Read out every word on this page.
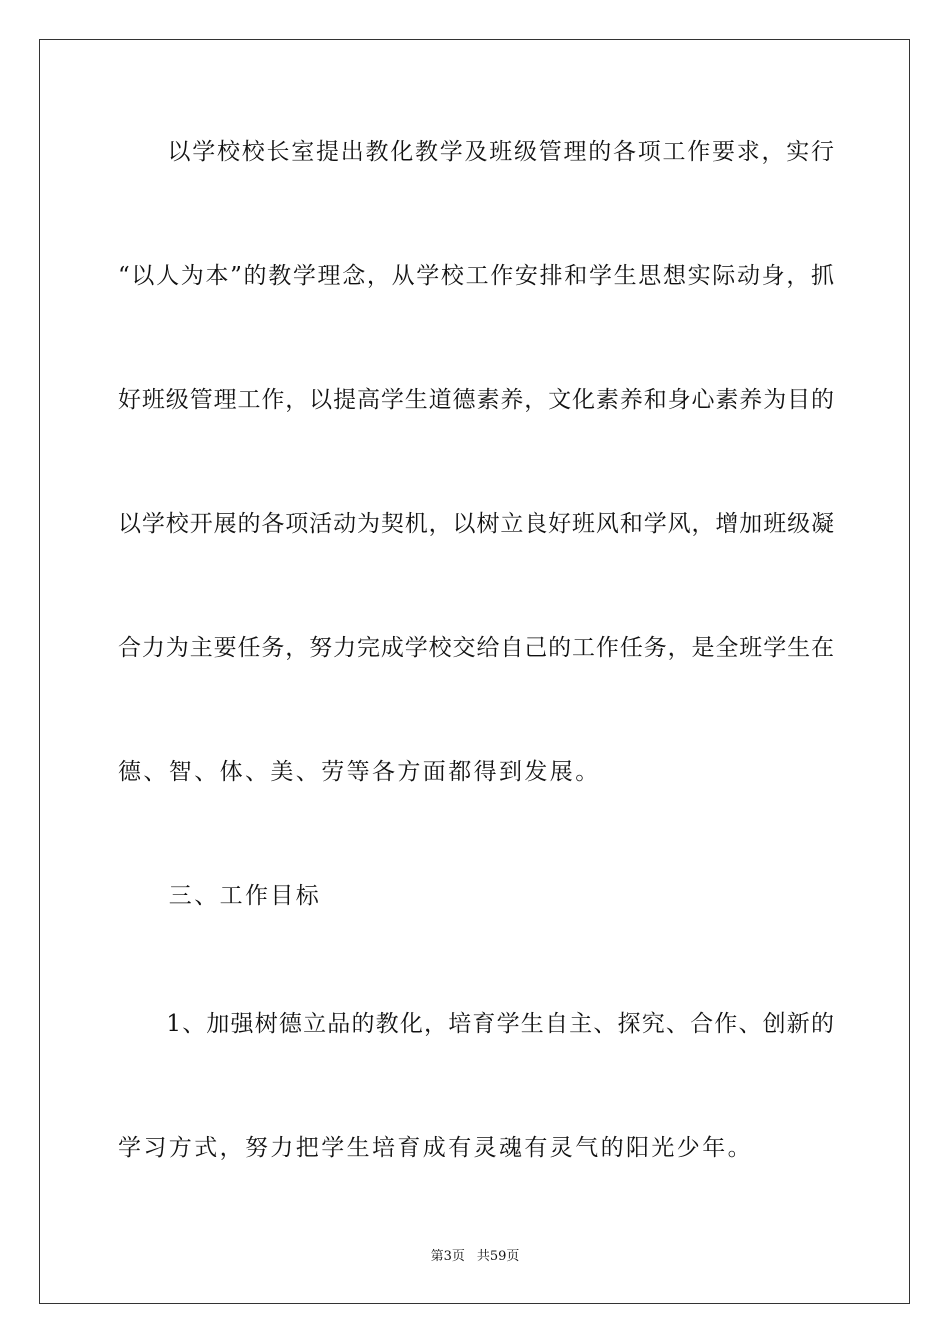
　　以学校校长室提出教化教学及班级管理的各项工作要求，实行
“以人为本”的教学理念，从学校工作安排和学生思想实际动身，抓
好班级管理工作，以提高学生道德素养，文化素养和身心素养为目的
以学校开展的各项活动为契机，以树立良好班风和学风，增加班级凝
合力为主要任务，努力完成学校交给自己的工作任务，是全班学生在
德、智、体、美、劳等各方面都得到发展。
　　三、工作目标
　　1、加强树德立品的教化，培育学生自主、探究、合作、创新的
学习方式，努力把学生培育成有灵魂有灵气的阳光少年。
第3页 共59页
